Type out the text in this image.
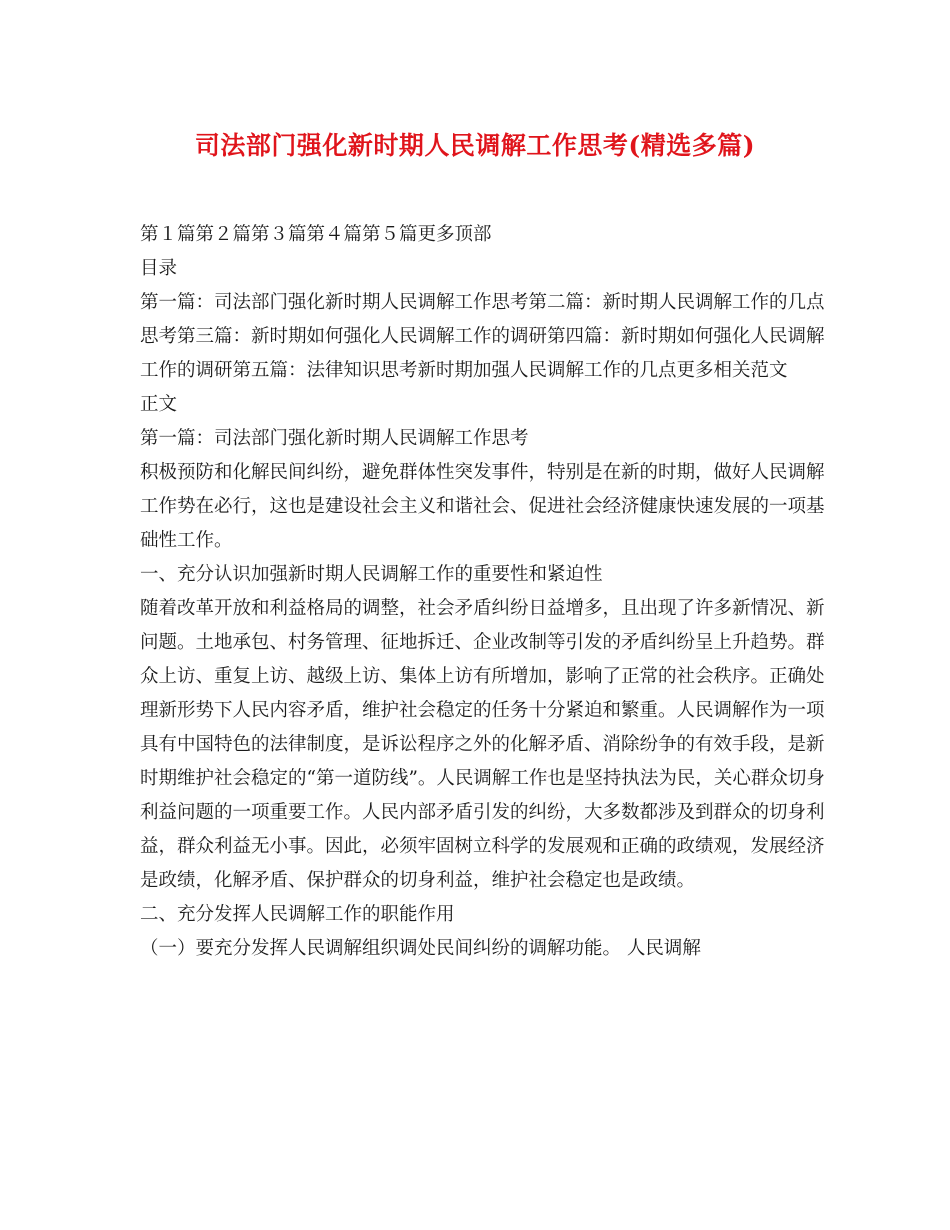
司法部门强化新时期人民调解工作思考(精选多篇)

第１篇第２篇第３篇第４篇第５篇更多顶部

目录

第一篇：司法部门强化新时期人民调解工作思考第二篇：新时期人民调解工作的几点思考第三篇：新时期如何强化人民调解工作的调研第四篇：新时期如何强化人民调解工作的调研第五篇：法律知识思考新时期加强人民调解工作的几点更多相关范文

正文

第一篇：司法部门强化新时期人民调解工作思考

积极预防和化解民间纠纷，避免群体性突发事件，特别是在新的时期，做好人民调解工作势在必行，这也是建设社会主义和谐社会、促进社会经济健康快速发展的一项基础性工作。

一、充分认识加强新时期人民调解工作的重要性和紧迫性

随着改革开放和利益格局的调整，社会矛盾纠纷日益增多，且出现了许多新情况、新问题。土地承包、村务管理、征地拆迁、企业改制等引发的矛盾纠纷呈上升趋势。群众上访、重复上访、越级上访、集体上访有所增加，影响了正常的社会秩序。正确处理新形势下人民内容矛盾，维护社会稳定的任务十分紧迫和繁重。人民调解作为一项具有中国特色的法律制度，是诉讼程序之外的化解矛盾、消除纷争的有效手段，是新时期维护社会稳定的“第一道防线”。人民调解工作也是坚持执法为民，关心群众切身利益问题的一项重要工作。人民内部矛盾引发的纠纷，大多数都涉及到群众的切身利益，群众利益无小事。因此，必须牢固树立科学的发展观和正确的政绩观，发展经济是政绩，化解矛盾、保护群众的切身利益，维护社会稳定也是政绩。

二、充分发挥人民调解工作的职能作用

（一）要充分发挥人民调解组织调处民间纠纷的调解功能。 人民调解
